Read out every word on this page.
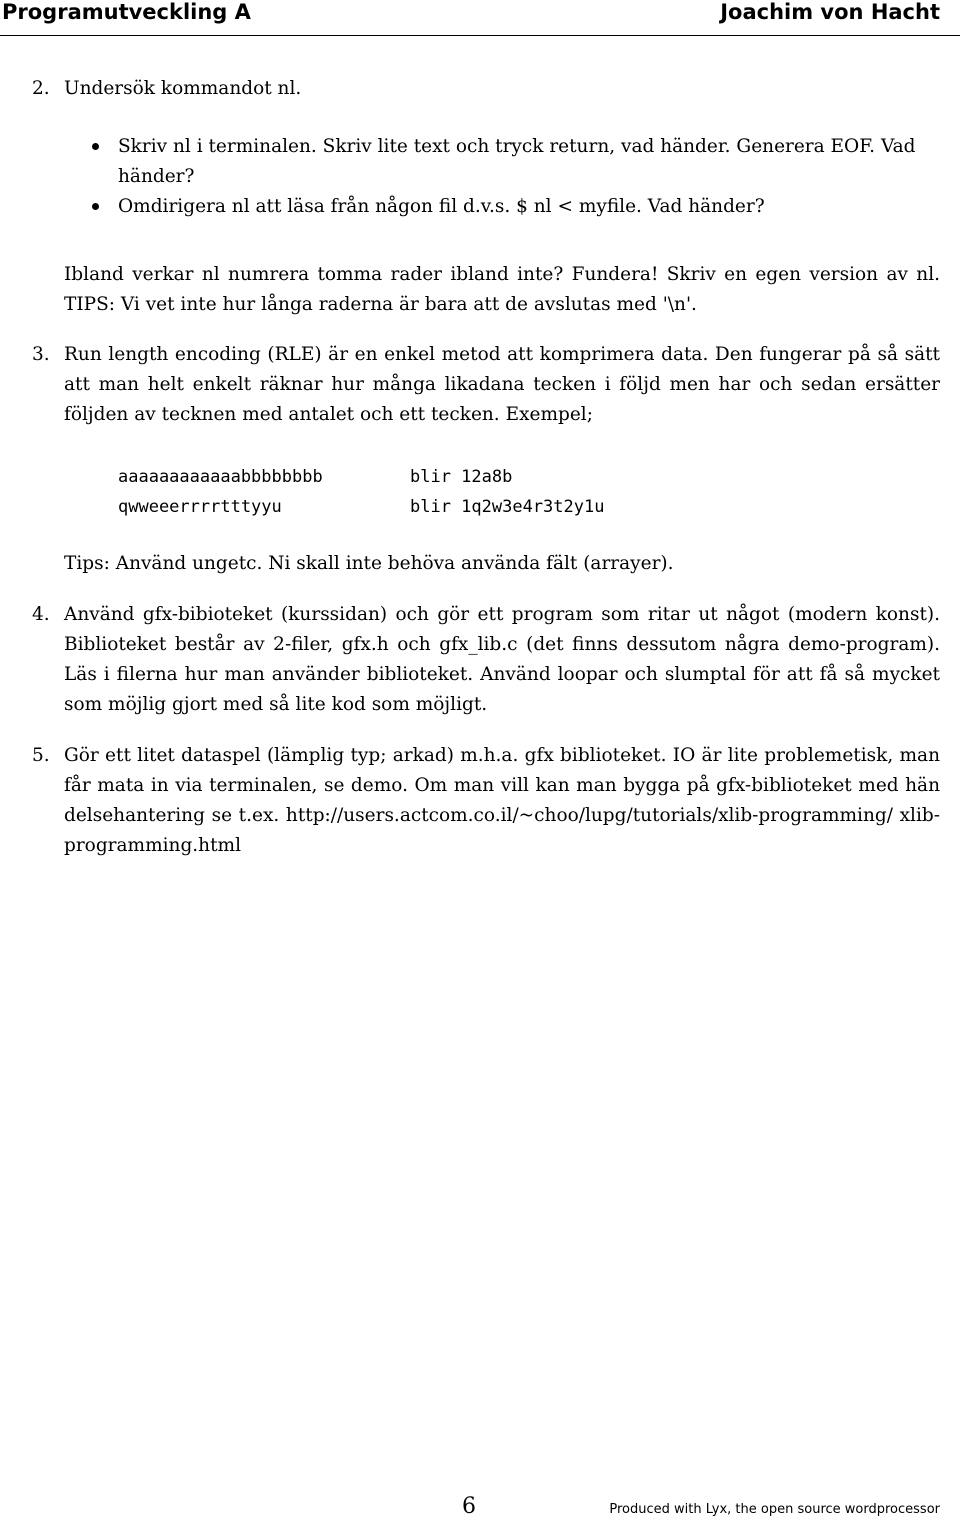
Programutveckling A	Joachim von Hacht
2. Undersök kommandot nl.

Skriv nl i terminalen. Skriv lite text och tryck return, vad händer. Generera EOF. Vad händer?

Omdirigera nl att läsa från någon fil d.v.s. $ nl < myfile. Vad händer?

Ibland verkar nl numrera tomma rader ibland inte? Fundera! Skriv en egen version av nl. TIPS: Vi vet inte hur långa raderna är bara att de avslutas med '\n'.

3. Run length encoding (RLE) är en enkel metod att komprimera data. Den fungerar på så sätt att man helt enkelt räknar hur många likadana tecken i följd men har och sedan ersätter följden av tecknen med antalet och ett tecken. Exempel;

aaaaaaaaaaaabbbbbbbb	blir 12a8b
qwweeerrrrtttyyu	blir 1q2w3e4r3t2y1u

Tips: Använd ungetc. Ni skall inte behöva använda fält (arrayer).

4. Använd gfx-bibioteket (kurssidan) och gör ett program som ritar ut något (modern konst). Biblioteket består av 2-filer, gfx.h och gfx_lib.c (det finns dessutom några demo-program). Läs i filerna hur man använder biblioteket. Använd loopar och slumptal för att få så mycket som möjlig gjort med så lite kod som möjligt.

5. Gör ett litet dataspel (lämplig typ; arkad) m.h.a. gfx biblioteket. IO är lite problemetisk, man får mata in via terminalen, se demo. Om man vill kan man bygga på gfx-biblioteket med händelsehantering se t.ex. http://users.actcom.co.il/~choo/lupg/tutorials/xlib-programming/ xlib-programming.html

6	Produced with Lyx, the open source wordprocessor
